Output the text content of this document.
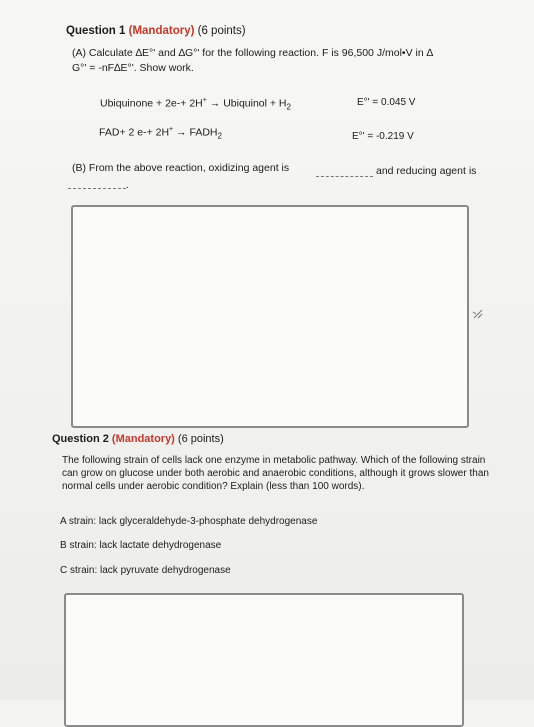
Question 1 (Mandatory) (6 points)
(A) Calculate ∆E°' and ∆G°' for the following reaction. F is 96,500 J/mol•V in ∆
G°' = -nF∆E°'. Show work.
Ubiquinone + 2e-+ 2H+ → Ubiquinol + $H_2$	E°' = 0.045 V
FAD+ 2 $e-+ 2H^+ \to FADH_2$	E°' = -0.219 V
(B) From the above reaction, oxidizing agent is	and reducing agent is
.
Question 2 (Mandatory) (6 points)
The following strain of cells lack one enzyme in metabolic pathway. Which of the following strain can grow on glucose under both aerobic and anaerobic conditions, although it grows slower than normal cells under aerobic condition? Explain (less than 100 words).
A strain: lack glyceraldehyde-3-phosphate dehydrogenase
B strain: lack lactate dehydrogenase
C strain: lack pyruvate dehydrogenase
